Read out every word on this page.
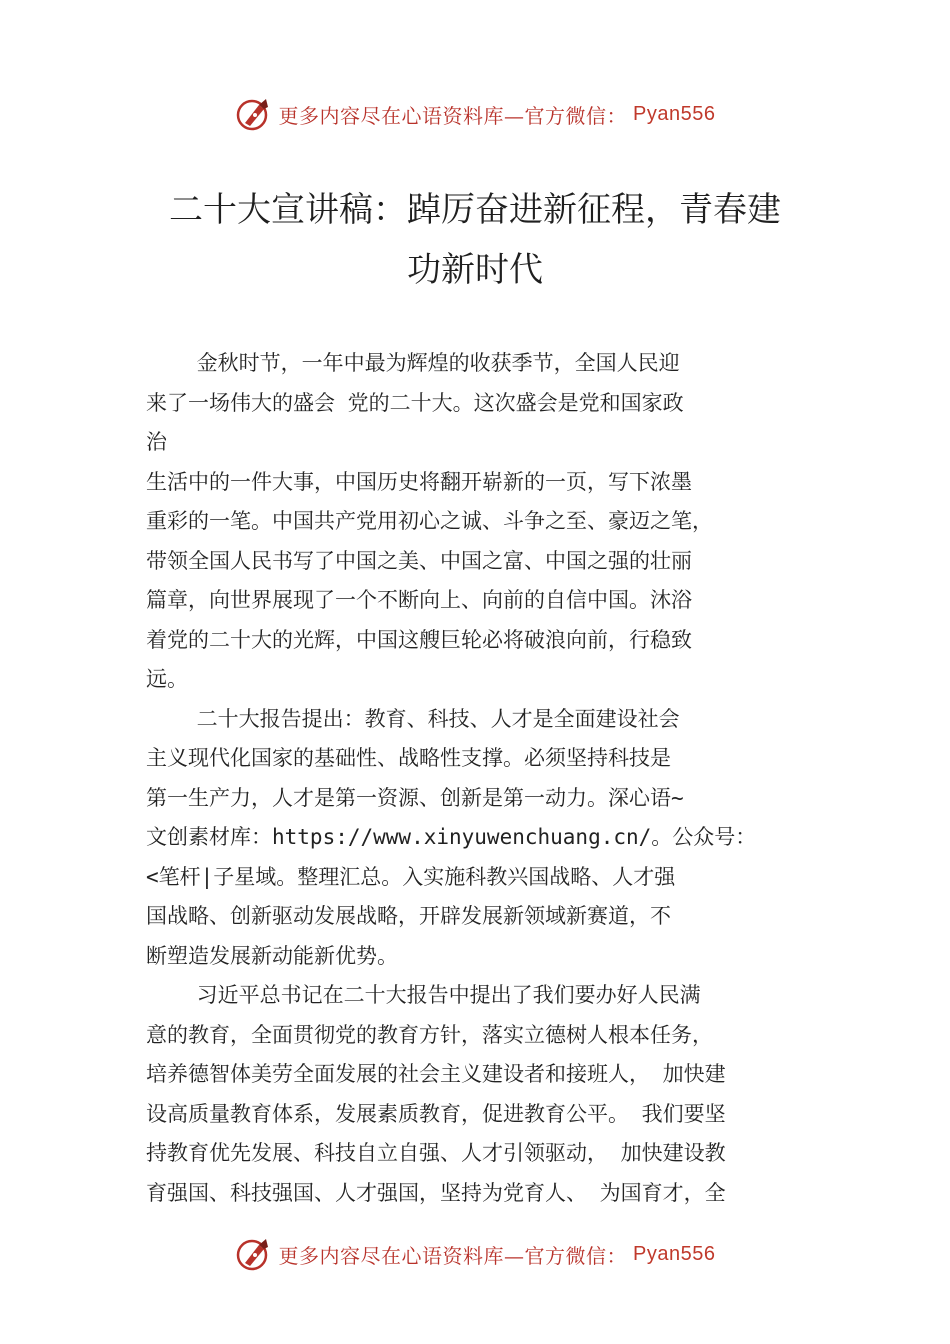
更多内容尽在心语资料库—官方微信： Pyan556
二十大宣讲稿：踔厉奋进新征程，青春建
功新时代
金秋时节，一年中最为辉煌的收获季节，全国人民迎
来了一场伟大的盛会 党的二十大。这次盛会是党和国家政
治
生活中的一件大事，中国历史将翻开崭新的一页，写下浓墨
重彩的一笔。中国共产党用初心之诚、斗争之至、豪迈之笔，
带领全国人民书写了中国之美、中国之富、中国之强的壮丽
篇章，向世界展现了一个不断向上、向前的自信中国。沐浴
着党的二十大的光辉，中国这艘巨轮必将破浪向前，行稳致
远。
二十大报告提出：教育、科技、人才是全面建设社会
主义现代化国家的基础性、战略性支撑。必须坚持科技是
第一生产力，人才是第一资源、创新是第一动力。深心语~
文创素材库：https://www.xinyuwenchuang.cn/。公众号：
<笔杆|子星域。整理汇总。入实施科教兴国战略、人才强
国战略、创新驱动发展战略，开辟发展新领域新赛道，不
断塑造发展新动能新优势。
习近平总书记在二十大报告中提出了我们要办好人民满
意的教育，全面贯彻党的教育方针，落实立德树人根本任务，
培养德智体美劳全面发展的社会主义建设者和接班人， 加快建
设高质量教育体系，发展素质教育，促进教育公平。 我们要坚
持教育优先发展、科技自立自强、人才引领驱动， 加快建设教
育强国、科技强国、人才强国，坚持为党育人、 为国育才，全
更多内容尽在心语资料库—官方微信： Pyan556
